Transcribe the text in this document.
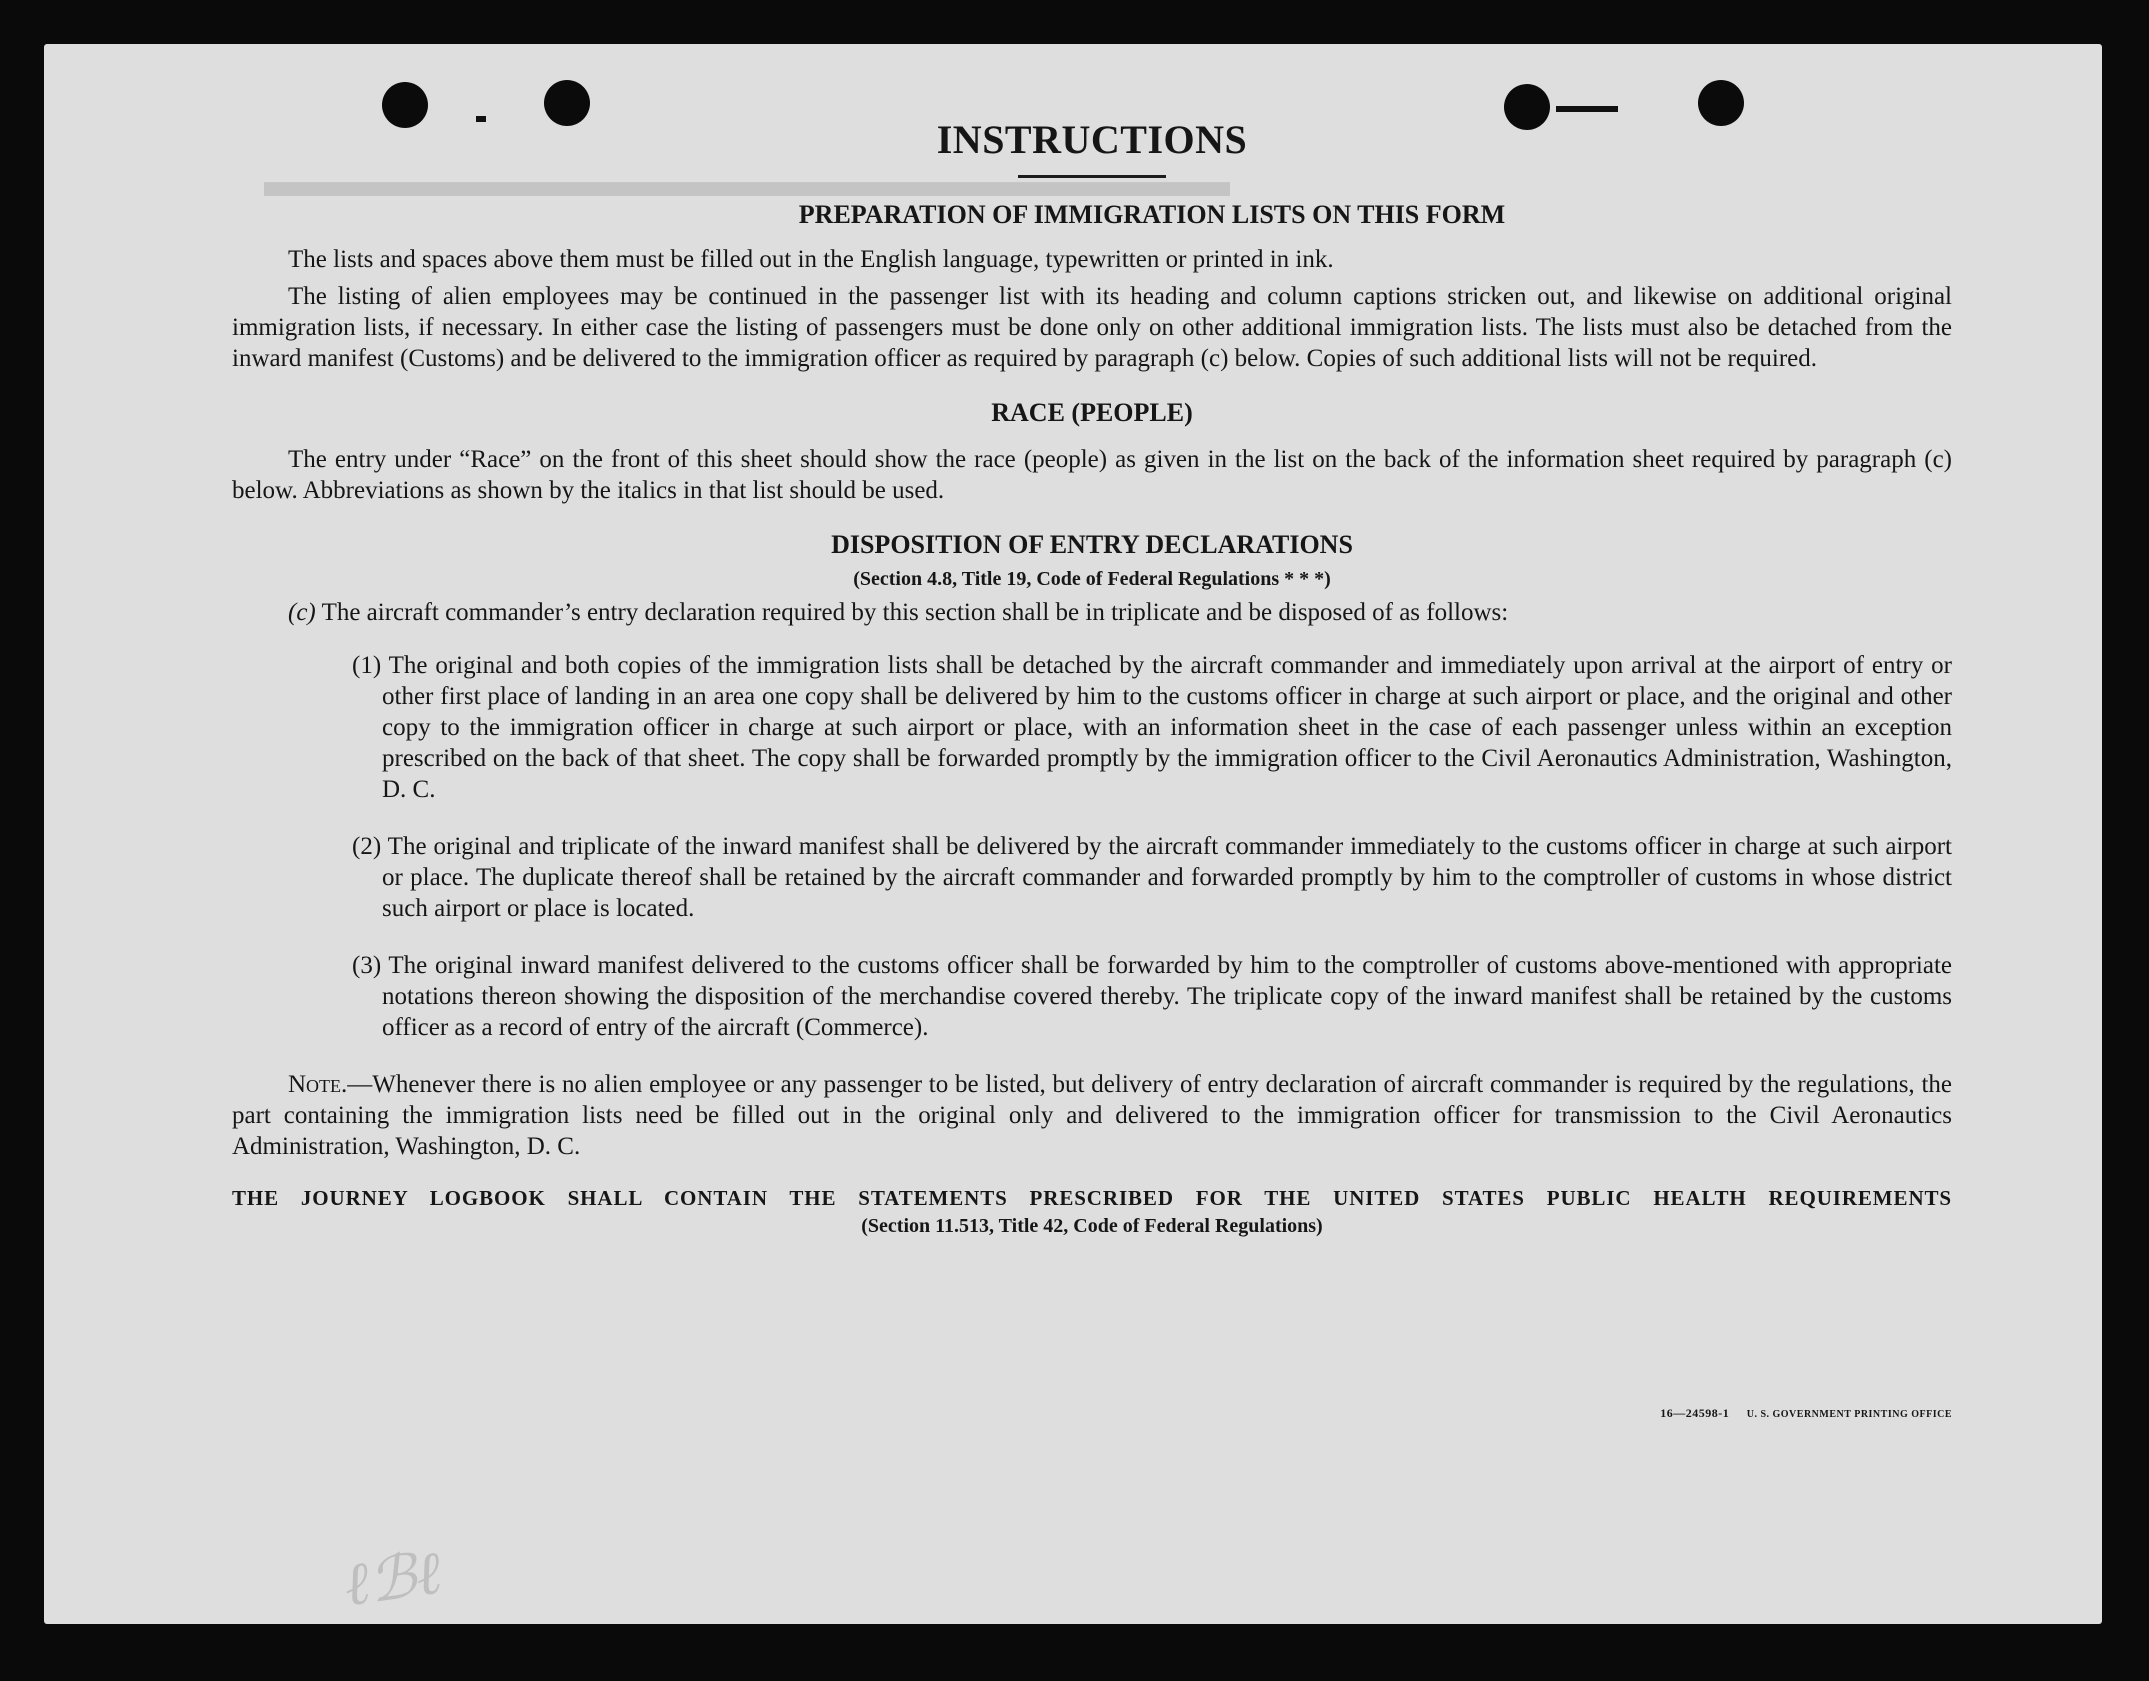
▬▬▬▬▬▬▬▬▬▬▬▬▬▬▬▬▬▬▬▬▬
INSTRUCTIONS
PREPARATION OF IMMIGRATION LISTS ON THIS FORM

The lists and spaces above them must be filled out in the English language, typewritten or printed in ink.

The listing of alien employees may be continued in the passenger list with its heading and column captions stricken out, and likewise on additional original immigration lists, if necessary. In either case the listing of passengers must be done only on other additional immigration lists. The lists must also be detached from the inward manifest (Customs) and be delivered to the immigration officer as required by paragraph (c) below. Copies of such additional lists will not be required.

RACE (PEOPLE)

The entry under “Race” on the front of this sheet should show the race (people) as given in the list on the back of the information sheet required by paragraph (c) below. Abbreviations as shown by the italics in that list should be used.

DISPOSITION OF ENTRY DECLARATIONS

(Section 4.8, Title 19, Code of Federal Regulations * * *)

(c) The aircraft commander’s entry declaration required by this section shall be in triplicate and be disposed of as follows:

(1) The original and both copies of the immigration lists shall be detached by the aircraft commander and immediately upon arrival at the airport of entry or other first place of landing in an area one copy shall be delivered by him to the customs officer in charge at such airport or place, and the original and other copy to the immigration officer in charge at such airport or place, with an information sheet in the case of each passenger unless within an exception prescribed on the back of that sheet. The copy shall be forwarded promptly by the immigration officer to the Civil Aeronautics Administration, Washington, D. C.

(2) The original and triplicate of the inward manifest shall be delivered by the aircraft commander immediately to the customs officer in charge at such airport or place. The duplicate thereof shall be retained by the aircraft commander and forwarded promptly by him to the comptroller of customs in whose district such airport or place is located.

(3) The original inward manifest delivered to the customs officer shall be forwarded by him to the comptroller of customs above-mentioned with appropriate notations thereon showing the disposition of the merchandise covered thereby. The triplicate copy of the inward manifest shall be retained by the customs officer as a record of entry of the aircraft (Commerce).

Note.—Whenever there is no alien employee or any passenger to be listed, but delivery of entry declaration of aircraft commander is required by the regulations, the part containing the immigration lists need be filled out in the original only and delivered to the immigration officer for transmission to the Civil Aeronautics Administration, Washington, D. C.

THE JOURNEY LOGBOOK SHALL CONTAIN THE STATEMENTS PRESCRIBED FOR THE UNITED STATES PUBLIC HEALTH REQUIREMENTS

(Section 11.513, Title 42, Code of Federal Regulations)

16—24598-1 U. S. GOVERNMENT PRINTING OFFICE
ℓℬℓ
